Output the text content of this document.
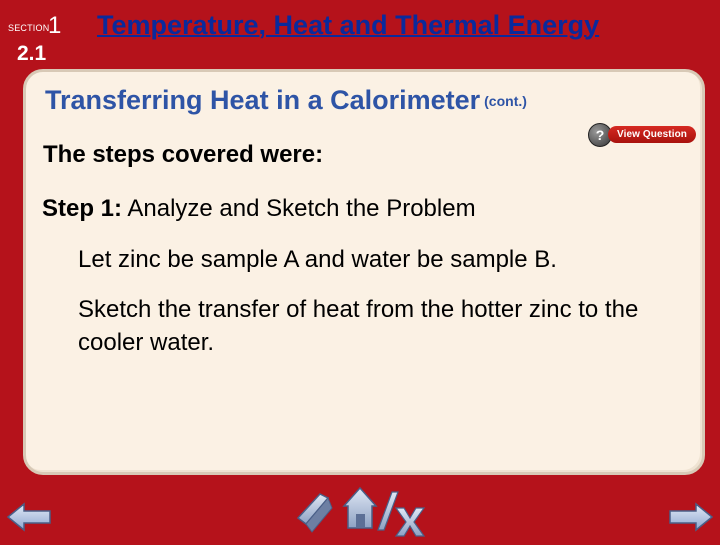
SECTION
1
2.1
Temperature, Heat and Thermal Energy
Transferring Heat in a Calorimeter (cont.)
?	View Question
The steps covered were:
Step 1: Analyze and Sketch the Problem
Let zinc be sample A and water be sample B.
Sketch the transfer of heat from the hotter zinc to the cooler water.
